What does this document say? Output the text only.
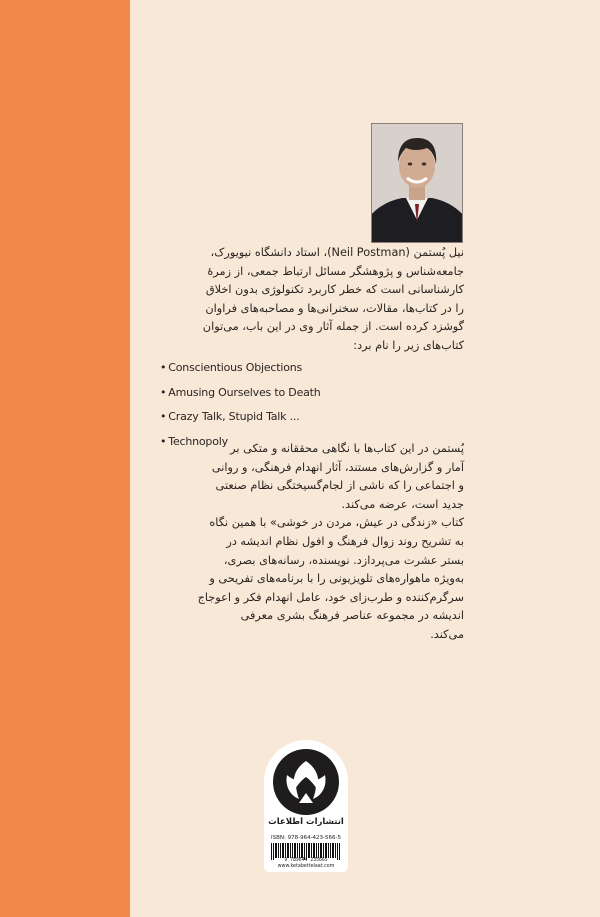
نیل پُستمن (Neil Postman)، استاد دانشگاه نیویورک،

جامعه‌شناس و پژوهشگر مسائل ارتباط جمعی، از زمرهٔ

کارشناسانی است که خطر کاربرد تکنولوژی بدون اخلاق

را در کتاب‌ها، مقالات، سخنرانی‌ها و مصاحبه‌های فراوان

گوشزد کرده است. از جمله آثار وی در این باب، می‌توان

کتاب‌های زیر را نام برد:

• Conscientious Objections
• Amusing Ourselves to Death
• Crazy Talk, Stupid Talk ...
• Technopoly

پُستمن در این کتاب‌ها با نگاهی محققانه و متکی بر

آمار و گزارش‌های مستند، آثار انهدام فرهنگی، و روانی

و اجتماعی را که ناشی از لجام‌گسیختگی نظام صنعتی

جدید است، عرضه می‌کند.

کتاب «زندگی در عیش، مردن در خوشی» با همین نگاه

به تشریح روند زوال فرهنگ و افول نظام اندیشه در

بستر عشرت می‌پردازد. نویسنده، رسانه‌های بصری،

به‌ویژه ماهواره‌های تلویزیونی را با برنامه‌های تفریحی و

سرگرم‌کننده و طرب‌زای خود، عامل انهدام فکر و اعوجاج

اندیشه در مجموعه عناصر فرهنگ بشری معرفی

می‌کند.

انتشارات اطلاعات
ISBN: 978-964-423-566-5
9 789644 235665
www.ketabettelaat.com
